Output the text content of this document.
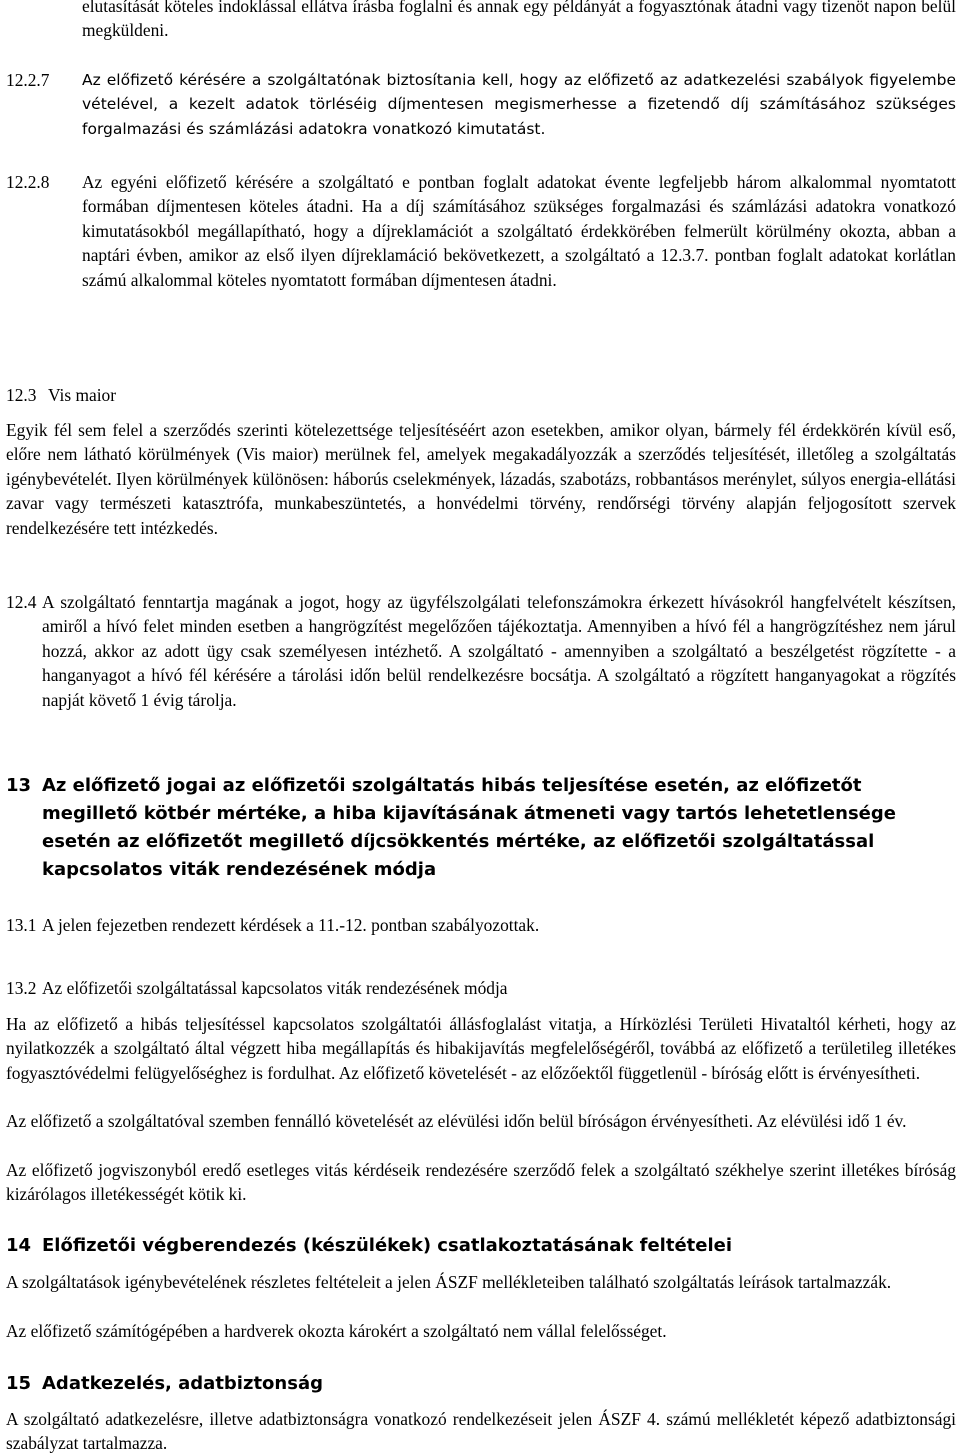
elutasítását köteles indoklással ellátva írásba foglalni és annak egy példányát a fogyasztónak átadni vagy tizenöt napon belül megküldeni.

12.2.7	Az előfizető kérésére a szolgáltatónak biztosítania kell, hogy az előfizető az adatkezelési szabályok figyelembe vételével, a kezelt adatok törléséig díjmentesen megismerhesse a fizetendő díj számításához szükséges forgalmazási és számlázási adatokra vonatkozó kimutatást.
12.2.8	Az egyéni előfizető kérésére a szolgáltató e pontban foglalt adatokat évente legfeljebb három alkalommal nyomtatott formában díjmentesen köteles átadni. Ha a díj számításához szükséges forgalmazási és számlázási adatokra vonatkozó kimutatásokból megállapítható, hogy a díjreklamációt a szolgáltató érdekkörében felmerült körülmény okozta, abban a naptári évben, amikor az első ilyen díjreklamáció bekövetkezett, a szolgáltató a 12.3.7. pontban foglalt adatokat korlátlan számú alkalommal köteles nyomtatott formában díjmentesen átadni.
12.3 Vis maior

Egyik fél sem felel a szerződés szerinti kötelezettsége teljesítéséért azon esetekben, amikor olyan, bármely fél érdekkörén kívül eső, előre nem látható körülmények (Vis maior) merülnek fel, amelyek megakadályozzák a szerződés teljesítését, illetőleg a szolgáltatás igénybevételét. Ilyen körülmények különösen: háborús cselekmények, lázadás, szabotázs, robbantásos merénylet, súlyos energia-ellátási zavar vagy természeti katasztrófa, munkabeszüntetés, a honvédelmi törvény, rendőrségi törvény alapján feljogosított szervek rendelkezésére tett intézkedés.

12.4 A szolgáltató fenntartja magának a jogot, hogy az ügyfélszolgálati telefonszámokra érkezett hívásokról hangfelvételt készítsen, amiről a hívó felet minden esetben a hangrögzítést megelőzően tájékoztatja. Amennyiben a hívó fél a hangrögzítéshez nem járul hozzá, akkor az adott ügy csak személyesen intézhető. A szolgáltató - amennyiben a szolgáltató a beszélgetést rögzítette - a hanganyagot a hívó fél kérésére a tárolási időn belül rendelkezésre bocsátja. A szolgáltató a rögzített hanganyagokat a rögzítés napját követő 1 évig tárolja.
13 Az előfizető jogai az előfizetői szolgáltatás hibás teljesítése esetén, az előfizetőt megillető kötbér mértéke, a hiba kijavításának átmeneti vagy tartós lehetetlensége esetén az előfizetőt megillető díjcsökkentés mértéke, az előfizetői szolgáltatással kapcsolatos viták rendezésének módja
13.1 A jelen fejezetben rendezett kérdések a 11.-12. pontban szabályozottak.
13.2 Az előfizetői szolgáltatással kapcsolatos viták rendezésének módja

Ha az előfizető a hibás teljesítéssel kapcsolatos szolgáltatói állásfoglalást vitatja, a Hírközlési Területi Hivataltól kérheti, hogy az nyilatkozzék a szolgáltató által végzett hiba megállapítás és hibakijavítás megfelelőségéről, továbbá az előfizető a területileg illetékes fogyasztóvédelmi felügyelőséghez is fordulhat. Az előfizető követelését - az előzőektől függetlenül - bíróság előtt is érvényesítheti.

Az előfizető a szolgáltatóval szemben fennálló követelését az elévülési időn belül bíróságon érvényesítheti. Az elévülési idő 1 év.

Az előfizető jogviszonyból eredő esetleges vitás kérdéseik rendezésére szerződő felek a szolgáltató székhelye szerint illetékes bíróság kizárólagos illetékességét kötik ki.

14 Előfizetői végberendezés (készülékek) csatlakoztatásának feltételei

A szolgáltatások igénybevételének részletes feltételeit a jelen ÁSZF mellékleteiben található szolgáltatás leírások tartalmazzák.

Az előfizető számítógépében a hardverek okozta károkért a szolgáltató nem vállal felelősséget.

15 Adatkezelés, adatbiztonság

A szolgáltató adatkezelésre, illetve adatbiztonságra vonatkozó rendelkezéseit jelen ÁSZF 4. számú mellékletét képező adatbiztonsági szabályzat tartalmazza.
